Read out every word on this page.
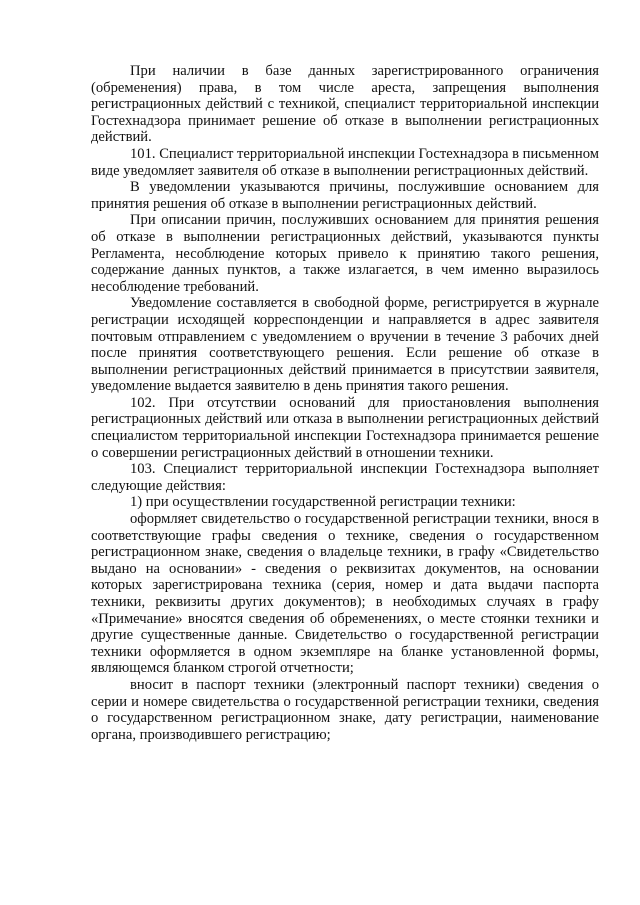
При наличии в базе данных зарегистрированного ограничения (обременения) права, в том числе ареста, запрещения выполнения регистрационных действий с техникой, специалист территориальной инспекции Гостехнадзора принимает решение об отказе в выполнении регистрационных действий.

101. Специалист территориальной инспекции Гостехнадзора в письменном виде уведомляет заявителя об отказе в выполнении регистрационных действий.

В уведомлении указываются причины, послужившие основанием для принятия решения об отказе в выполнении регистрационных действий.

При описании причин, послуживших основанием для принятия решения об отказе в выполнении регистрационных действий, указываются пункты Регламента, несоблюдение которых привело к принятию такого решения, содержание данных пунктов, а также излагается, в чем именно выразилось несоблюдение требований.

Уведомление составляется в свободной форме, регистрируется в журнале регистрации исходящей корреспонденции и направляется в адрес заявителя почтовым отправлением с уведомлением о вручении в течение 3 рабочих дней после принятия соответствующего решения. Если решение об отказе в выполнении регистрационных действий принимается в присутствии заявителя, уведомление выдается заявителю в день принятия такого решения.

102. При отсутствии оснований для приостановления выполнения регистрационных действий или отказа в выполнении регистрационных действий специалистом территориальной инспекции Гостехнадзора принимается решение о совершении регистрационных действий в отношении техники.

103. Специалист территориальной инспекции Гостехнадзора выполняет следующие действия:

1) при осуществлении государственной регистрации техники:

оформляет свидетельство о государственной регистрации техники, внося в соответствующие графы сведения о технике, сведения о государственном регистрационном знаке, сведения о владельце техники, в графу «Свидетельство выдано на основании» - сведения о реквизитах документов, на основании которых зарегистрирована техника (серия, номер и дата выдачи паспорта техники, реквизиты других документов); в необходимых случаях в графу «Примечание» вносятся сведения об обременениях, о месте стоянки техники и другие существенные данные. Свидетельство о государственной регистрации техники оформляется в одном экземпляре на бланке установленной формы, являющемся бланком строгой отчетности;

вносит в паспорт техники (электронный паспорт техники) сведения о серии и номере свидетельства о государственной регистрации техники, сведения о государственном регистрационном знаке, дату регистрации, наименование органа, производившего регистрацию;
